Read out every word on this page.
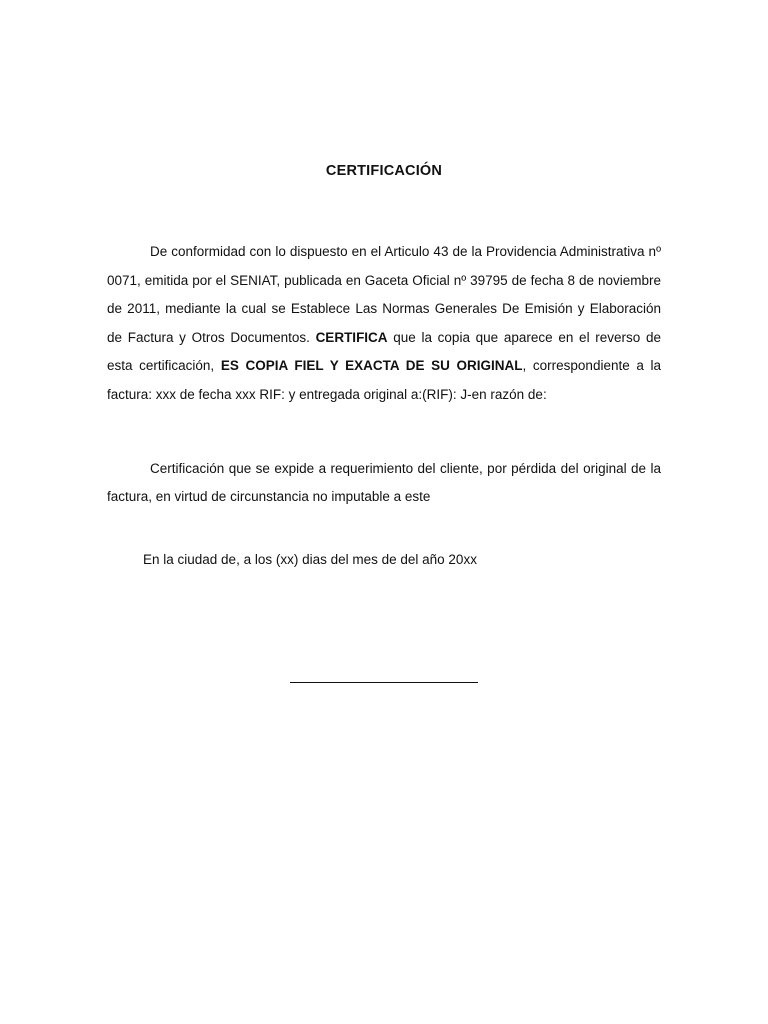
CERTIFICACIÓN
De conformidad con lo dispuesto en el Articulo 43 de la Providencia Administrativa nº 0071, emitida por el SENIAT, publicada en Gaceta Oficial nº 39795 de fecha 8 de noviembre de 2011, mediante la cual se Establece Las Normas Generales De Emisión y Elaboración de Factura y Otros Documentos. CERTIFICA que la copia que aparece en el reverso de esta certificación, ES COPIA FIEL Y EXACTA DE SU ORIGINAL, correspondiente a la factura: xxx de fecha xxx RIF: y entregada original a:(RIF): J-en razón de:
Certificación que se expide a requerimiento del cliente, por pérdida del original de la factura, en virtud de circunstancia no imputable a este
En la ciudad de, a los (xx) dias del mes de del año 20xx
